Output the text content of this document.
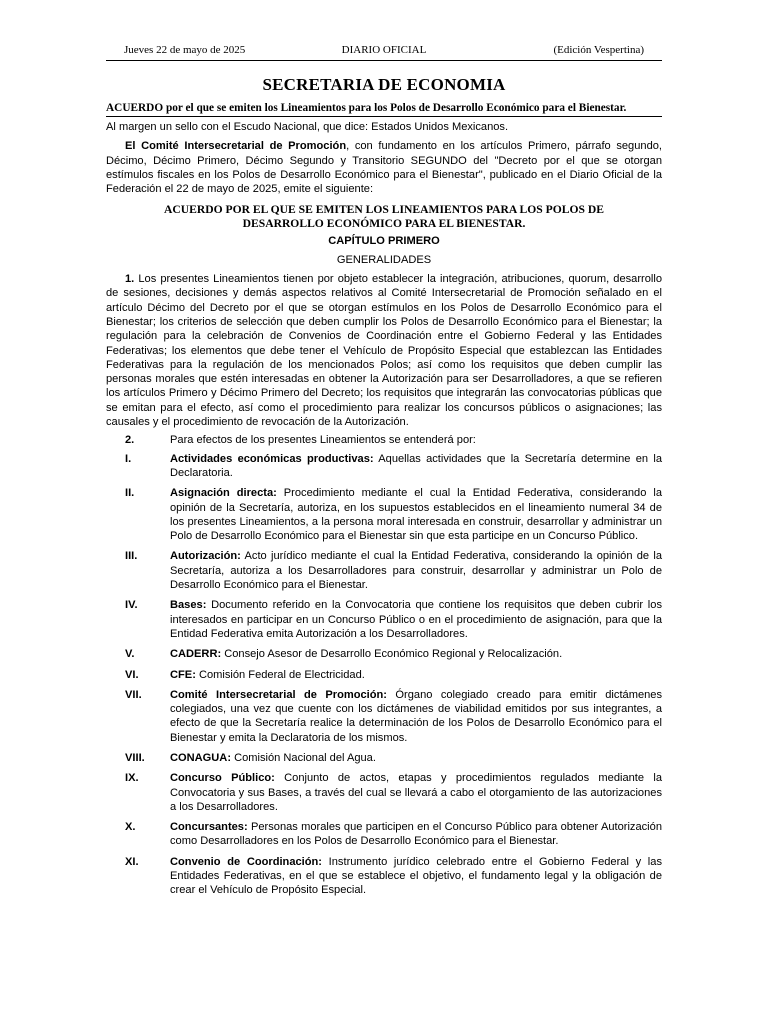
Jueves 22 de mayo de 2025	DIARIO OFICIAL	(Edición Vespertina)
SECRETARIA DE ECONOMIA
ACUERDO por el que se emiten los Lineamientos para los Polos de Desarrollo Económico para el Bienestar.

Al margen un sello con el Escudo Nacional, que dice: Estados Unidos Mexicanos.

El Comité Intersecretarial de Promoción, con fundamento en los artículos Primero, párrafo segundo, Décimo, Décimo Primero, Décimo Segundo y Transitorio SEGUNDO del "Decreto por el que se otorgan estímulos fiscales en los Polos de Desarrollo Económico para el Bienestar", publicado en el Diario Oficial de la Federación el 22 de mayo de 2025, emite el siguiente:

ACUERDO POR EL QUE SE EMITEN LOS LINEAMIENTOS PARA LOS POLOS DE DESARROLLO ECONÓMICO PARA EL BIENESTAR.

CAPÍTULO PRIMERO

GENERALIDADES

1. Los presentes Lineamientos tienen por objeto establecer la integración, atribuciones, quorum, desarrollo de sesiones, decisiones y demás aspectos relativos al Comité Intersecretarial de Promoción señalado en el artículo Décimo del Decreto por el que se otorgan estímulos en los Polos de Desarrollo Económico para el Bienestar; los criterios de selección que deben cumplir los Polos de Desarrollo Económico para el Bienestar; la regulación para la celebración de Convenios de Coordinación entre el Gobierno Federal y las Entidades Federativas; los elementos que debe tener el Vehículo de Propósito Especial que establezcan las Entidades Federativas para la regulación de los mencionados Polos; así como los requisitos que deben cumplir las personas morales que estén interesadas en obtener la Autorización para ser Desarrolladores, a que se refieren los artículos Primero y Décimo Primero del Decreto; los requisitos que integrarán las convocatorias públicas que se emitan para el efecto, así como el procedimiento para realizar los concursos públicos o asignaciones; las causales y el procedimiento de revocación de la Autorización.

2.	Para efectos de los presentes Lineamientos se entenderá por:
I.	Actividades económicas productivas: Aquellas actividades que la Secretaría determine en la Declaratoria.
II.	Asignación directa: Procedimiento mediante el cual la Entidad Federativa, considerando la opinión de la Secretaría, autoriza, en los supuestos establecidos en el lineamiento numeral 34 de los presentes Lineamientos, a la persona moral interesada en construir, desarrollar y administrar un Polo de Desarrollo Económico para el Bienestar sin que esta participe en un Concurso Público.
III.	Autorización: Acto jurídico mediante el cual la Entidad Federativa, considerando la opinión de la Secretaría, autoriza a los Desarrolladores para construir, desarrollar y administrar un Polo de Desarrollo Económico para el Bienestar.
IV.	Bases: Documento referido en la Convocatoria que contiene los requisitos que deben cubrir los interesados en participar en un Concurso Público o en el procedimiento de asignación, para que la Entidad Federativa emita Autorización a los Desarrolladores.
V.	CADERR: Consejo Asesor de Desarrollo Económico Regional y Relocalización.
VI.	CFE: Comisión Federal de Electricidad.
VII.	Comité Intersecretarial de Promoción: Órgano colegiado creado para emitir dictámenes colegiados, una vez que cuente con los dictámenes de viabilidad emitidos por sus integrantes, a efecto de que la Secretaría realice la determinación de los Polos de Desarrollo Económico para el Bienestar y emita la Declaratoria de los mismos.
VIII.	CONAGUA: Comisión Nacional del Agua.
IX.	Concurso Público: Conjunto de actos, etapas y procedimientos regulados mediante la Convocatoria y sus Bases, a través del cual se llevará a cabo el otorgamiento de las autorizaciones a los Desarrolladores.
X.	Concursantes: Personas morales que participen en el Concurso Público para obtener Autorización como Desarrolladores en los Polos de Desarrollo Económico para el Bienestar.
XI.	Convenio de Coordinación: Instrumento jurídico celebrado entre el Gobierno Federal y las Entidades Federativas, en el que se establece el objetivo, el fundamento legal y la obligación de crear el Vehículo de Propósito Especial.
